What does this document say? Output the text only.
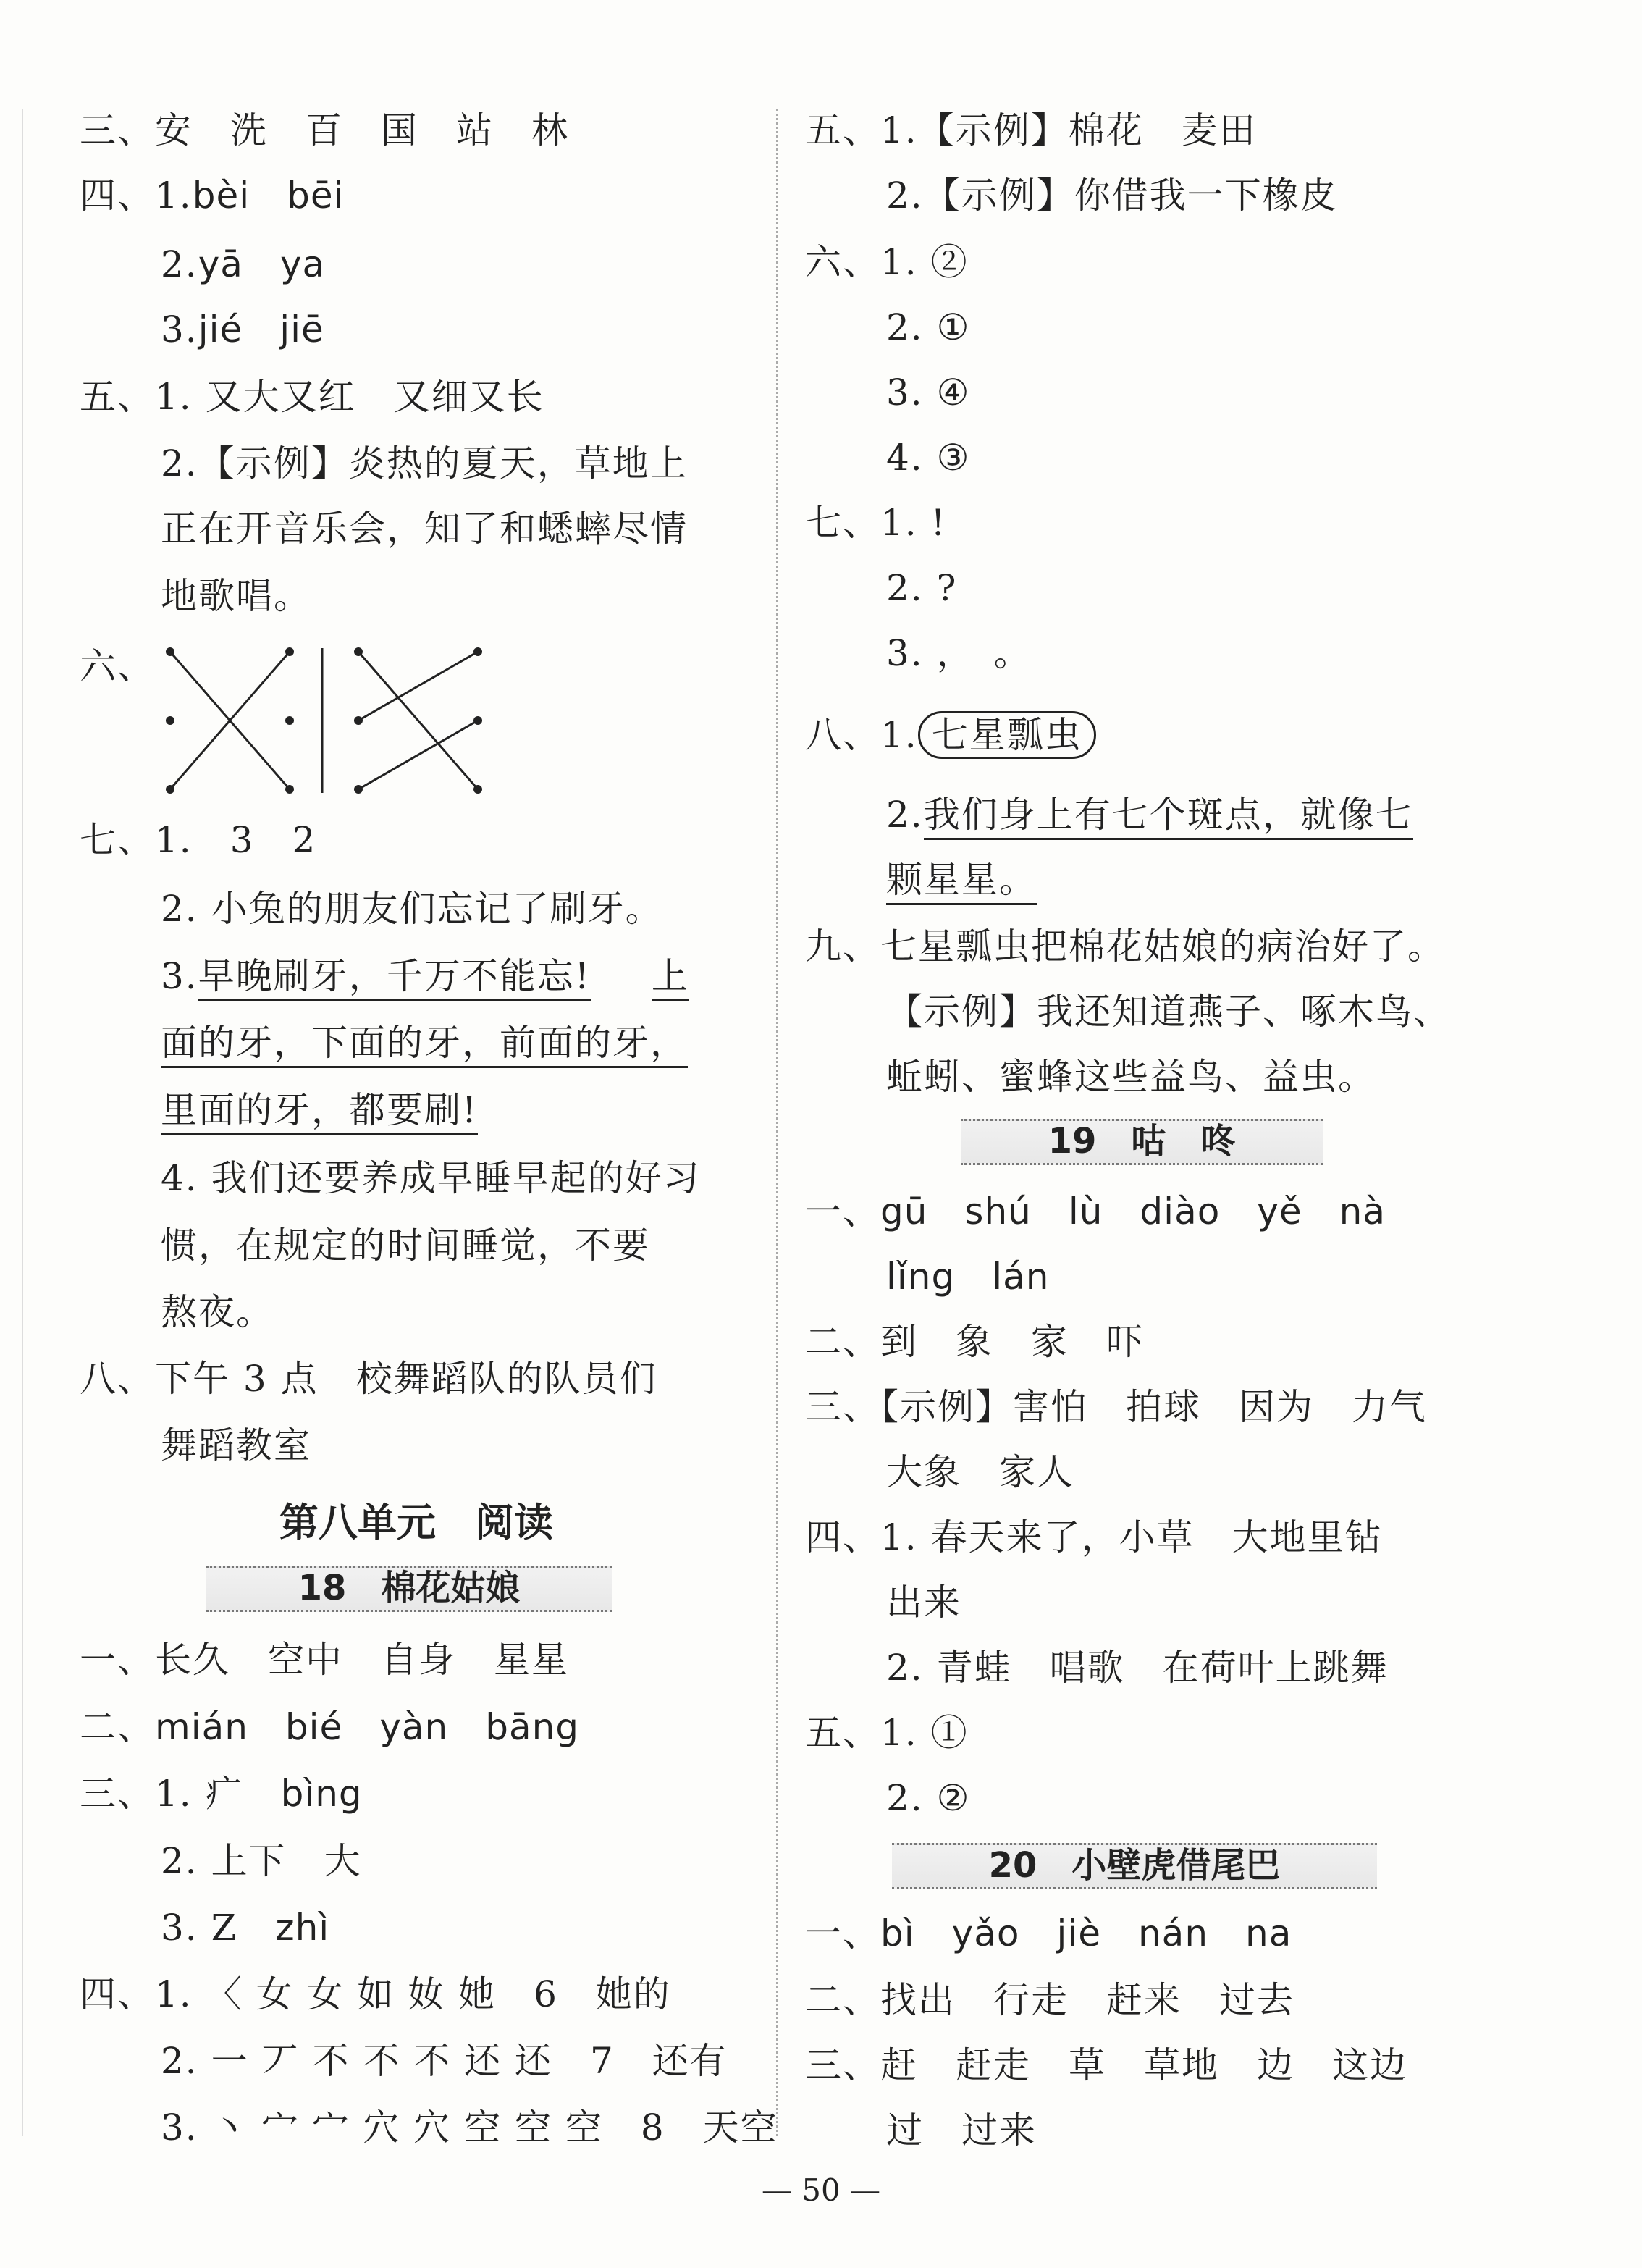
三、安　洗　百　国　站　林
四、1.bèi　bēi
2.yā　ya
3.jié　jiē
五、1. 又大又红　又细又长
2.【示例】炎热的夏天，草地上
正在开音乐会，知了和蟋蟀尽情
地歌唱。
六、
七、1.　3　2
2. 小兔的朋友们忘记了刷牙。
3.早晚刷牙，千万不能忘! 上
面的牙，下面的牙，前面的牙，
里面的牙，都要刷!
4. 我们还要养成早睡早起的好习
惯，在规定的时间睡觉，不要
熬夜。
八、下午 3 点　校舞蹈队的队员们
舞蹈教室
第八单元　阅读
18　棉花姑娘
一、长久　空中　自身　星星
二、mián　bié　yàn　bāng
三、1. 疒　bìng
2. 上下　大
3. Z　zhì
四、1. 〈 女 女 如 奻 她　6　她的
2. 一 丆 不 不 不 还 还　7　还有
3. 丶 宀 宀 穴 穴 空 空 空　8　天空
五、1.【示例】棉花　麦田
2.【示例】你借我一下橡皮
六、1. ②
2. ①
3. ④
4. ③
七、1. !
2. ?
3. ，　。
八、1.七星瓢虫
2.我们身上有七个斑点，就像七
颗星星。
九、七星瓢虫把棉花姑娘的病治好了。
【示例】我还知道燕子、啄木鸟、
蚯蚓、蜜蜂这些益鸟、益虫。
19　咕　咚
一、gū　shú　lù　diào　yě　nà
lǐng　lán
二、到　象　家　吓
三、【示例】害怕　拍球　因为　力气
大象　家人
四、1. 春天来了，小草　大地里钻
出来
2. 青蛙　唱歌　在荷叶上跳舞
五、1. ①
2. ②
20　小壁虎借尾巴
一、bì　yǎo　jiè　nán　na
二、找出　行走　赶来　过去
三、赶　赶走　草　草地　边　这边
过　过来
— 50 —
